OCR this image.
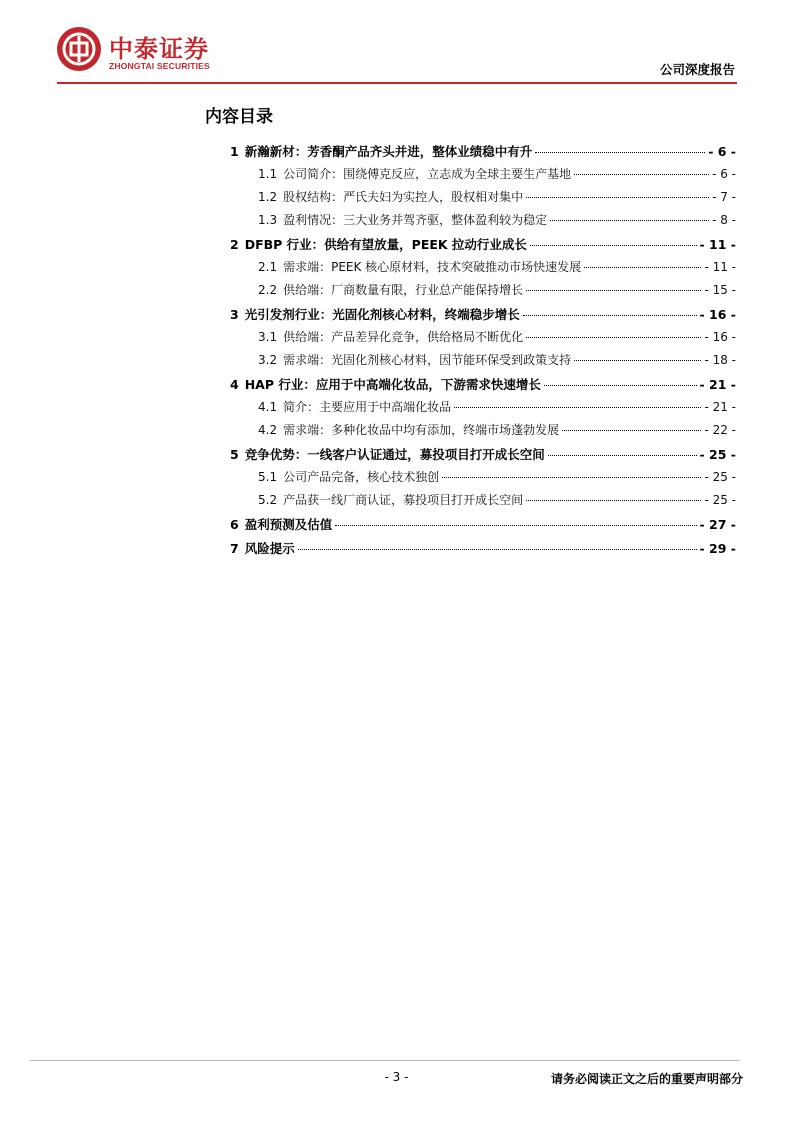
中泰证券
ZHONGTAI SECURITIES	公司深度报告
内容目录
1 新瀚新材：芳香酮产品齐头并进，整体业绩稳中有升	- 6 -
1.1 公司简介：围绕傅克反应，立志成为全球主要生产基地	- 6 -
1.2 股权结构：严氏夫妇为实控人，股权相对集中	- 7 -
1.3 盈利情况：三大业务并驾齐驱，整体盈利较为稳定	- 8 -
2 DFBP 行业：供给有望放量，PEEK 拉动行业成长	- 11 -
2.1 需求端：PEEK 核心原材料，技术突破推动市场快速发展	- 11 -
2.2 供给端：厂商数量有限，行业总产能保持增长	- 15 -
3 光引发剂行业：光固化剂核心材料，终端稳步增长	- 16 -
3.1 供给端：产品差异化竞争，供给格局不断优化	- 16 -
3.2 需求端：光固化剂核心材料，因节能环保受到政策支持	- 18 -
4 HAP 行业：应用于中高端化妆品，下游需求快速增长	- 21 -
4.1 简介：主要应用于中高端化妆品	- 21 -
4.2 需求端：多种化妆品中均有添加，终端市场蓬勃发展	- 22 -
5 竞争优势：一线客户认证通过，募投项目打开成长空间	- 25 -
5.1 公司产品完备，核心技术独创	- 25 -
5.2 产品获一线厂商认证，募投项目打开成长空间	- 25 -
6 盈利预测及估值	- 27 -
7 风险提示	- 29 -
- 3 -	请务必阅读正文之后的重要声明部分
